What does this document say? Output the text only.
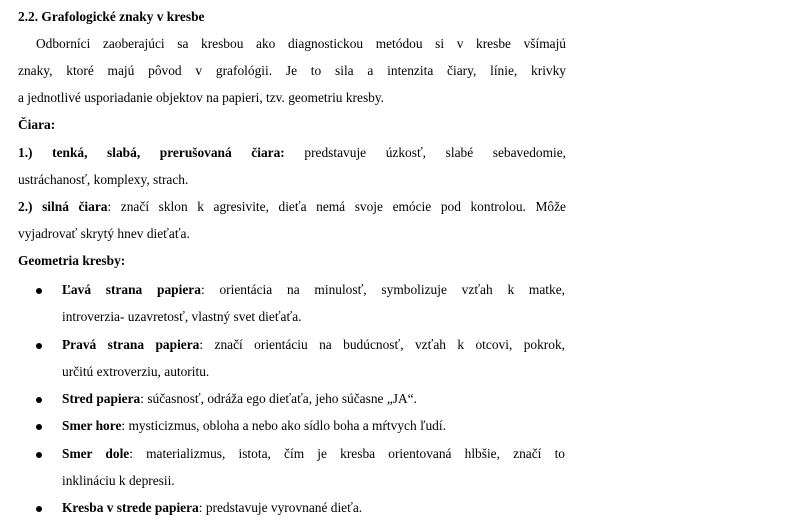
2.2. Grafologické znaky v kresbe
Odborníci zaoberajúci sa kresbou ako diagnostickou metódou si v kresbe všímajú
znaky, ktoré majú pôvod v grafológii. Je to sila a intenzita čiary, línie, krivky
a jednotlivé usporiadanie objektov na papieri, tzv. geometriu kresby.
Čiara:
1.) tenká, slabá, prerušovaná čiara: predstavuje úzkosť, slabé sebavedomie,
ustráchanosť, komplexy, strach.
2.) silná čiara: značí sklon k agresivite, dieťa nemá svoje emócie pod kontrolou. Môže
vyjadrovať skrytý hnev dieťaťa.
Geometria kresby:
Ľavá strana papiera: orientácia na minulosť, symbolizuje vzťah k matke,
introverzia- uzavretosť, vlastný svet dieťaťa.
Pravá strana papiera: značí orientáciu na budúcnosť, vzťah k otcovi, pokrok,
určitú extroverziu, autoritu.
Stred papiera: súčasnosť, odráža ego dieťaťa, jeho súčasne „JA“.
Smer hore: mysticizmus, obloha a nebo ako sídlo boha a mŕtvych ľudí.
Smer dole: materializmus, istota, čím je kresba orientovaná hlbšie, značí to
inklináciu k depresii.
Kresba v strede papiera: predstavuje vyrovnané dieťa.
